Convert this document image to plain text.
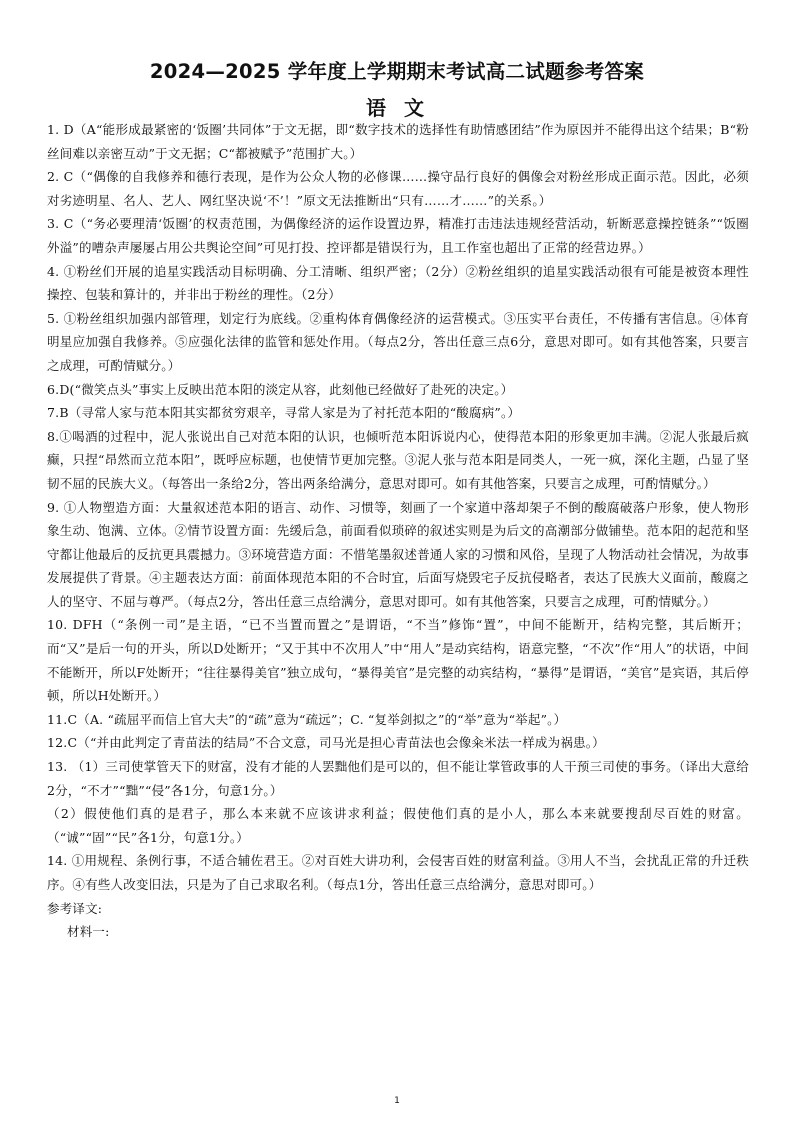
2024—2025 学年度上学期期末考试高二试题参考答案
语文

1. D（A“能形成最紧密的‘饭圈’共同体”于文无据，即“数字技术的选择性有助情感团结”作为原因并不能得出这个结果；B“粉丝间难以亲密互动”于文无据；C“都被赋予”范围扩大。）

2. C（“偶像的自我修养和德行表现，是作为公众人物的必修课……操守品行良好的偶像会对粉丝形成正面示范。因此，必须对劣迹明星、名人、艺人、网红坚决说‘不’！”原文无法推断出“只有……才……”的关系。）

3. C（“务必要理清‘饭圈’的权责范围，为偶像经济的运作设置边界，精准打击违法违规经营活动，斩断恶意操控链条”“饭圈外溢”的嘈杂声屡屡占用公共舆论空间”可见打投、控评都是错误行为，且工作室也超出了正常的经营边界。）

4. ①粉丝们开展的追星实践活动目标明确、分工清晰、组织严密；（2分）②粉丝组织的追星实践活动很有可能是被资本理性操控、包装和算计的，并非出于粉丝的理性。（2分）

5. ①粉丝组织加强内部管理，划定行为底线。②重构体育偶像经济的运营模式。③压实平台责任，不传播有害信息。④体育明星应加强自我修养。⑤应强化法律的监管和惩处作用。（每点2分，答出任意三点6分，意思对即可。如有其他答案，只要言之成理，可酌情赋分。）

6.D(“微笑点头”事实上反映出范本阳的淡定从容，此刻他已经做好了赴死的决定。）

7.B（寻常人家与范本阳其实都贫穷艰辛，寻常人家是为了衬托范本阳的“酸腐病”。）

8.①喝酒的过程中，泥人张说出自己对范本阳的认识，也倾听范本阳诉说内心，使得范本阳的形象更加丰满。②泥人张最后疯癫，只捏“昂然而立范本阳”，既呼应标题，也使情节更加完整。③泥人张与范本阳是同类人，一死一疯，深化主题，凸显了坚韧不屈的民族大义。（每答出一条给2分，答出两条给满分，意思对即可。如有其他答案，只要言之成理，可酌情赋分。）

9. ①人物塑造方面：大量叙述范本阳的语言、动作、习惯等，刻画了一个家道中落却架子不倒的酸腐破落户形象，使人物形象生动、饱满、立体。②情节设置方面：先缓后急，前面看似琐碎的叙述实则是为后文的高潮部分做铺垫。范本阳的起范和坚守都让他最后的反抗更具震撼力。③环境营造方面：不惜笔墨叙述普通人家的习惯和风俗，呈现了人物活动社会情况，为故事发展提供了背景。④主题表达方面：前面体现范本阳的不合时宜，后面写烧毁宅子反抗侵略者，表达了民族大义面前，酸腐之人的坚守、不屈与尊严。（每点2分，答出任意三点给满分，意思对即可。如有其他答案，只要言之成理，可酌情赋分。）

10. DFH（“条例一司”是主语，“已不当置而置之”是谓语，“不当”修饰“置”，中间不能断开，结构完整，其后断开；而“又”是后一句的开头，所以D处断开；“又于其中不次用人”中“用人”是动宾结构，语意完整，“不次”作“用人”的状语，中间不能断开，所以F处断开；“往往暴得美官”独立成句，“暴得美官”是完整的动宾结构，“暴得”是谓语，“美官”是宾语，其后停顿，所以H处断开。）

11.C（A. “疏屈平而信上官大夫”的“疏”意为“疏远”；C. “复举剑拟之”的“举”意为“举起”。）

12.C（“并由此判定了青苗法的结局”不合文意，司马光是担心青苗法也会像籴米法一样成为祸患。）

13. （1）三司使掌管天下的财富，没有才能的人罢黜他们是可以的，但不能让掌管政事的人干预三司使的事务。（译出大意给2分，“不才”“黜”“侵”各1分，句意1分。）

（2）假使他们真的是君子，那么本来就不应该讲求利益；假使他们真的是小人，那么本来就要搜刮尽百姓的财富。（“诚”“固”“民”各1分，句意1分。）

14. ①用规程、条例行事，不适合辅佐君王。②对百姓大讲功利，会侵害百姓的财富利益。③用人不当，会扰乱正常的升迁秩序。④有些人改变旧法，只是为了自己求取名利。（每点1分，答出任意三点给满分，意思对即可。）

参考译文:

材料一:

1
